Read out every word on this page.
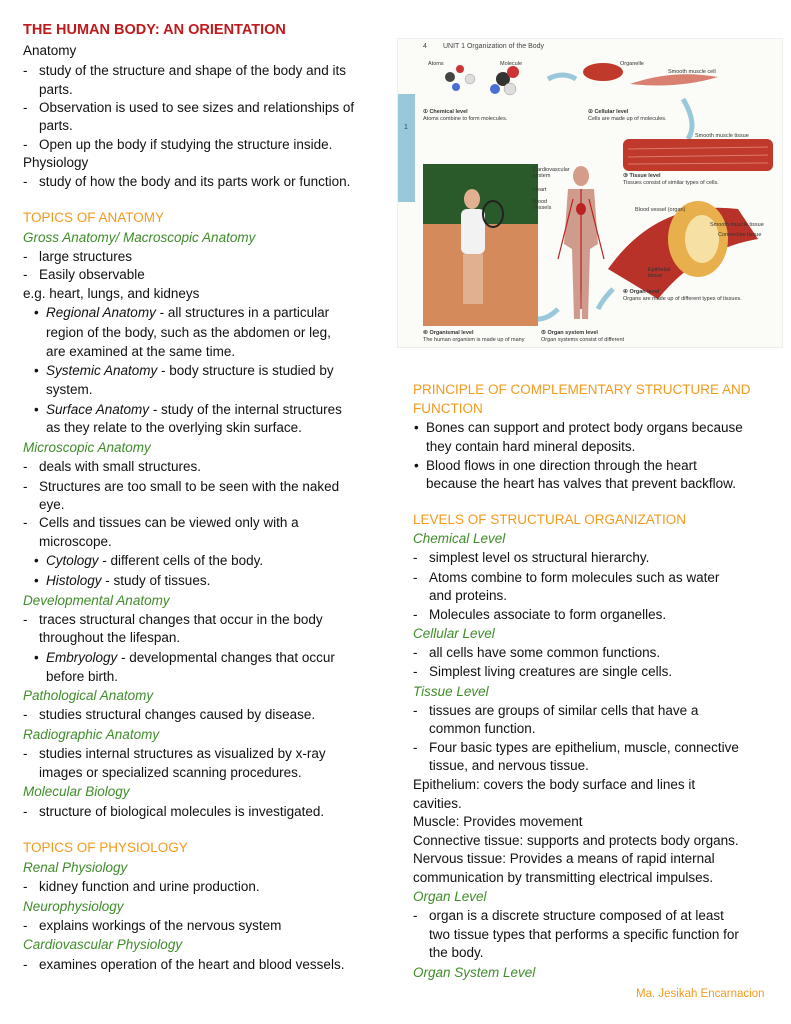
THE HUMAN BODY: AN ORIENTATION
Anatomy
- study of the structure and shape of the body and its
parts.
- Observation is used to see sizes and relationships of
parts.
- Open up the body if studying the structure inside.
Physiology
- study of how the body and its parts work or function.
TOPICS OF ANATOMY
Gross Anatomy/ Macroscopic Anatomy
- large structures
- Easily observable
e.g. heart, lungs, and kidneys
• Regional Anatomy - all structures in a particular
region of the body, such as the abdomen or leg,
are examined at the same time.
• Systemic Anatomy - body structure is studied by
system.
• Surface Anatomy - study of the internal structures
as they relate to the overlying skin surface.
Microscopic Anatomy
- deals with small structures.
- Structures are too small to be seen with the naked
eye.
- Cells and tissues can be viewed only with a
microscope.
• Cytology - different cells of the body.
• Histology - study of tissues.
Developmental Anatomy
- traces structural changes that occur in the body
throughout the lifespan.
• Embryology - developmental changes that occur
before birth.
Pathological Anatomy
- studies structural changes caused by disease.
Radiographic Anatomy
- studies internal structures as visualized by x-ray
images or specialized scanning procedures.
Molecular Biology
- structure of biological molecules is investigated.
TOPICS OF PHYSIOLOGY
Renal Physiology
- kidney function and urine production.
Neurophysiology
- explains workings of the nervous system
Cardiovascular Physiology
- examines operation of the heart and blood vessels.
4 UNIT 1 Organization of the Body
1
Atoms	Molecule	Organelle
Smooth muscle cell
① Chemical level
Atoms combine to form molecules.
② Cellular level
Cells are made up of molecules.
Smooth muscle tissue
Cardiovascular system
Heart
Blood vessels
③ Tissue level
Tissues consist of similar types of cells.
Blood vessel (organ)
Smooth muscle tissue
Connective tissue
Epithelial tissue
④ Organ level
Organs are made up of different types of tissues.
⑥ Organismal level
The human organism is made up of many
⑤ Organ system level
Organ systems consist of different
PRINCIPLE OF COMPLEMENTARY STRUCTURE AND
FUNCTION
• Bones can support and protect body organs because
they contain hard mineral deposits.
• Blood flows in one direction through the heart
because the heart has valves that prevent backflow.
LEVELS OF STRUCTURAL ORGANIZATION
Chemical Level
- simplest level os structural hierarchy.
- Atoms combine to form molecules such as water
and proteins.
- Molecules associate to form organelles.
Cellular Level
- all cells have some common functions.
- Simplest living creatures are single cells.
Tissue Level
- tissues are groups of similar cells that have a
common function.
- Four basic types are epithelium, muscle, connective
tissue, and nervous tissue.
Epithelium: covers the body surface and lines it
cavities.
Muscle: Provides movement
Connective tissue: supports and protects body organs.
Nervous tissue: Provides a means of rapid internal
communication by transmitting electrical impulses.
Organ Level
- organ is a discrete structure composed of at least
two tissue types that performs a specific function for
the body.
Organ System Level
Ma. Jesikah Encarnacion
